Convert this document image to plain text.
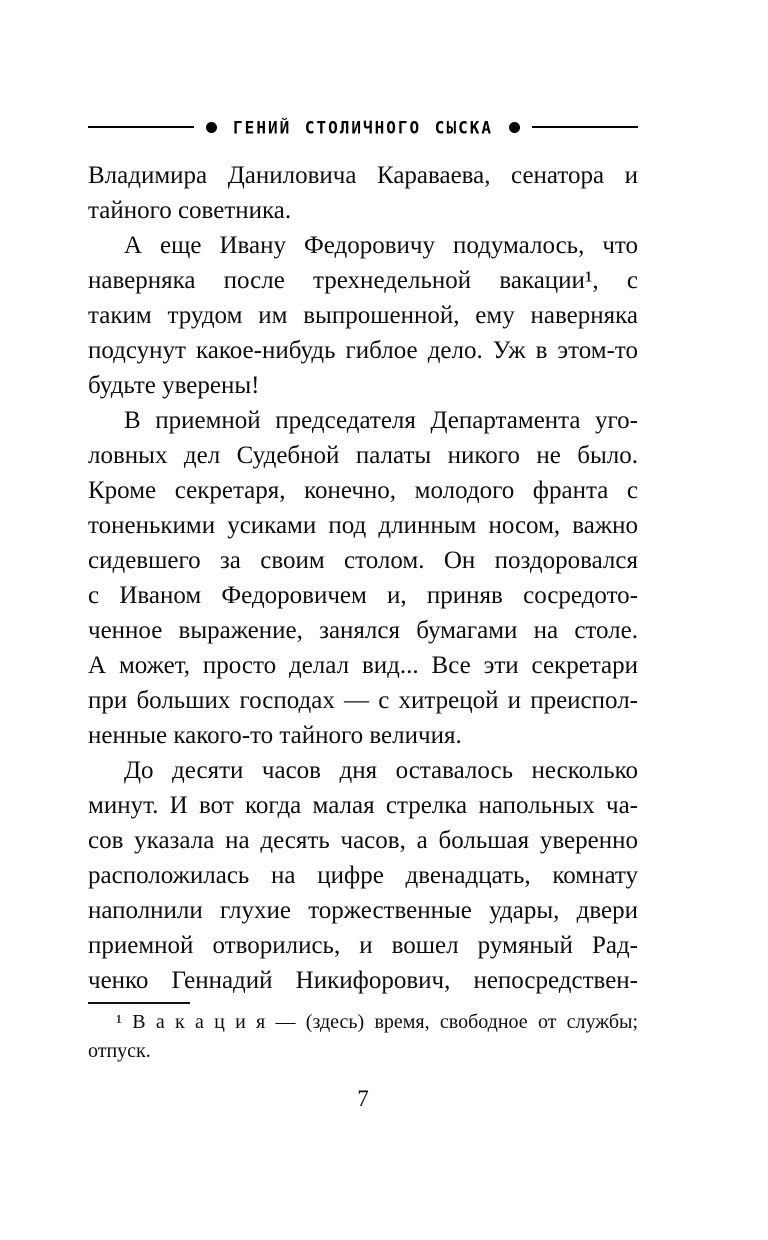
ГЕНИЙ СТОЛИЧНОГО СЫСКА
Владимира Даниловича Караваева, сенатора и
тайного советника.
А еще Ивану Федоровичу подумалось, что
наверняка после трехнедельной вакации¹, с
таким трудом им выпрошенной, ему наверняка
подсунут какое-нибудь гиблое дело. Уж в этом-то
будьте уверены!
В приемной председателя Департамента уго-
ловных дел Судебной палаты никого не было.
Кроме секретаря, конечно, молодого франта с
тоненькими усиками под длинным носом, важно
сидевшего за своим столом. Он поздоровался
с Иваном Федоровичем и, приняв сосредото-
ченное выражение, занялся бумагами на столе.
А может, просто делал вид... Все эти секретари
при больших господах — с хитрецой и преиспол-
ненные какого-то тайного величия.
До десяти часов дня оставалось несколько
минут. И вот когда малая стрелка напольных ча-
сов указала на десять часов, а большая уверенно
расположилась на цифре двенадцать, комнату
наполнили глухие торжественные удары, двери
приемной отворились, и вошел румяный Рад-
ченко Геннадий Никифорович, непосредствен-
¹ В а к а ц и я — (здесь) время, свободное от службы;
отпуск.
7
